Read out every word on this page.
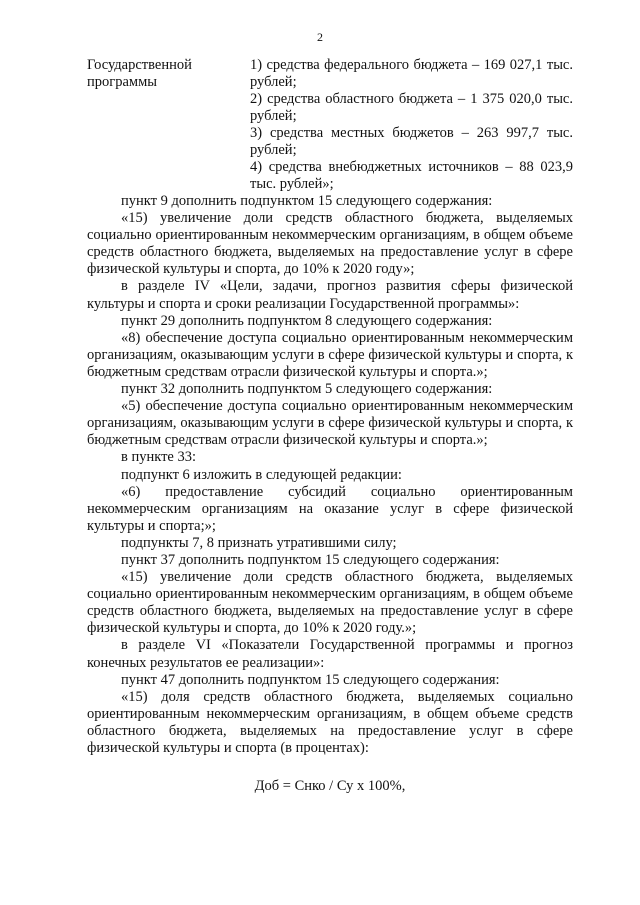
2
Государственной программы
1) средства федерального бюджета – 169 027,1 тыс. рублей;
2) средства областного бюджета – 1 375 020,0 тыс. рублей;
3) средства местных бюджетов – 263 997,7 тыс. рублей;
4) средства внебюджетных источников – 88 023,9 тыс. рублей»;

пункт 9 дополнить подпунктом 15 следующего содержания:

«15) увеличение доли средств областного бюджета, выделяемых социально ориентированным некоммерческим организациям, в общем объеме средств областного бюджета, выделяемых на предоставление услуг в сфере физической культуры и спорта, до 10% к 2020 году»;

в разделе IV «Цели, задачи, прогноз развития сферы физической культуры и спорта и сроки реализации Государственной программы»:

пункт 29 дополнить подпунктом 8 следующего содержания:

«8) обеспечение доступа социально ориентированным некоммерческим организациям, оказывающим услуги в сфере физической культуры и спорта, к бюджетным средствам отрасли физической культуры и спорта.»;

пункт 32 дополнить подпунктом 5 следующего содержания:

«5) обеспечение доступа социально ориентированным некоммерческим организациям, оказывающим услуги в сфере физической культуры и спорта, к бюджетным средствам отрасли физической культуры и спорта.»;

в пункте 33:

подпункт 6 изложить в следующей редакции:

«6) предоставление субсидий социально ориентированным некоммерческим организациям на оказание услуг в сфере физической культуры и спорта;»;

подпункты 7, 8 признать утратившими силу;

пункт 37 дополнить подпунктом 15 следующего содержания:

«15) увеличение доли средств областного бюджета, выделяемых социально ориентированным некоммерческим организациям, в общем объеме средств областного бюджета, выделяемых на предоставление услуг в сфере физической культуры и спорта, до 10% к 2020 году.»;

в разделе VI «Показатели Государственной программы и прогноз конечных результатов ее реализации»:

пункт 47 дополнить подпунктом 15 следующего содержания:

«15) доля средств областного бюджета, выделяемых социально ориентированным некоммерческим организациям, в общем объеме средств областного бюджета, выделяемых на предоставление услуг в сфере физической культуры и спорта (в процентах):

Доб = Снко / Су х 100%,
